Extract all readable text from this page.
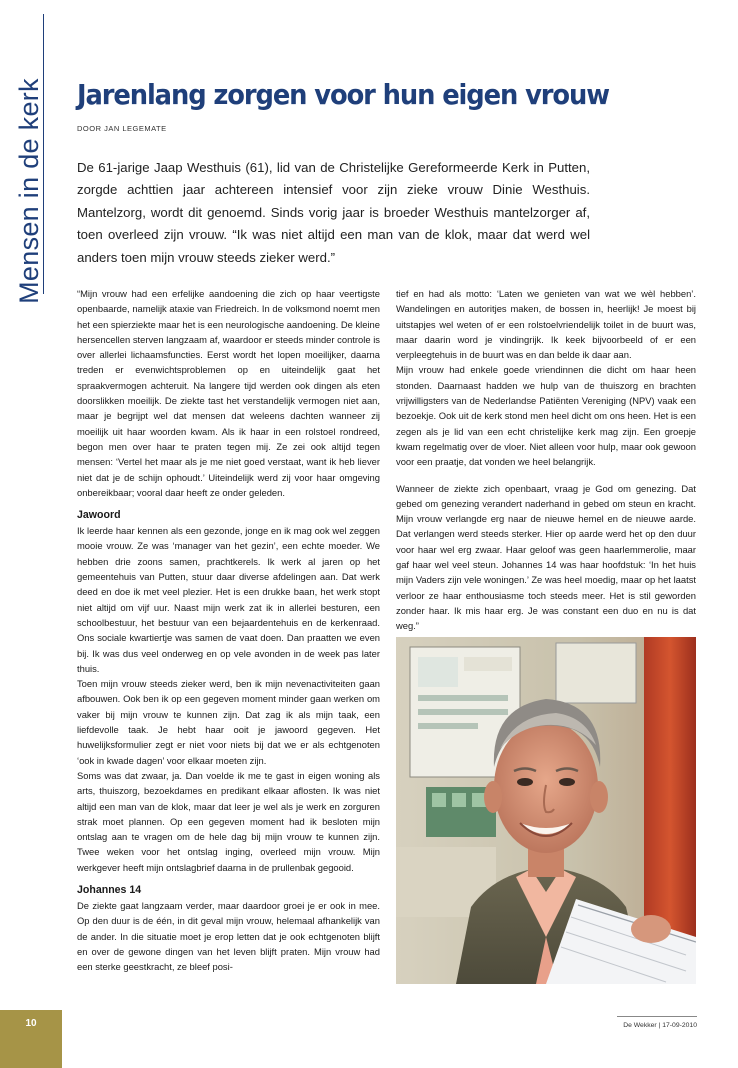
Mensen in de kerk Jarenlang zorgen voor hun eigen vrouw
DOOR JAN LEGEMATE

De 61-jarige Jaap Westhuis (61), lid van de Christelijke Gereformeerde Kerk in Putten, zorgde achttien jaar achtereen intensief voor zijn zieke vrouw Dinie Westhuis. Mantelzorg, wordt dit genoemd. Sinds vorig jaar is broeder Westhuis mantelzorger af, toen overleed zijn vrouw. “Ik was niet altijd een man van de klok, maar dat werd wel anders toen mijn vrouw steeds zieker werd.”

“Mijn vrouw had een erfelijke aandoening die zich op haar veertigste openbaarde, namelijk ataxie van Friedreich. In de volksmond noemt men het een spierziekte maar het is een neurologische aandoening. De kleine hersencellen sterven langzaam af, waardoor er steeds minder controle is over allerlei lichaamsfuncties. Eerst wordt het lopen moeilijker, daarna treden er evenwichtsproblemen op en uiteindelijk gaat het spraakvermogen achteruit. Na langere tijd werden ook dingen als eten doorslikken moeilijk. De ziekte tast het verstandelijk vermogen niet aan, maar je begrijpt wel dat mensen dat weleens dachten wanneer zij moeilijk uit haar woorden kwam. Als ik haar in een rolstoel rondreed, begon men over haar te praten tegen mij. Ze zei ook altijd tegen mensen: ‘Vertel het maar als je me niet goed verstaat, want ik heb liever niet dat je de schijn ophoudt.’ Uiteindelijk werd zij voor haar omgeving onbereikbaar; vooral daar heeft ze onder geleden.

Jawoord

Ik leerde haar kennen als een gezonde, jonge en ik mag ook wel zeggen mooie vrouw. Ze was ‘manager van het gezin’, een echte moeder. We hebben drie zoons samen, prachtkerels. Ik werk al jaren op het gemeentehuis van Putten, stuur daar diverse afdelingen aan. Dat werk deed en doe ik met veel plezier. Het is een drukke baan, het werk stopt niet altijd om vijf uur. Naast mijn werk zat ik in allerlei besturen, een schoolbestuur, het bestuur van een bejaardentehuis en de kerkenraad. Ons sociale kwartiertje was samen de vaat doen. Dan praatten we even bij. Ik was dus veel onderweg en op vele avonden in de week pas later thuis.

Toen mijn vrouw steeds zieker werd, ben ik mijn nevenactiviteiten gaan afbouwen. Ook ben ik op een gegeven moment minder gaan werken om vaker bij mijn vrouw te kunnen zijn. Dat zag ik als mijn taak, een liefdevolle taak. Je hebt haar ooit je jawoord gegeven. Het huwelijksformulier zegt er niet voor niets bij dat we er als echtgenoten ‘ook in kwade dagen’ voor elkaar moeten zijn.

Soms was dat zwaar, ja. Dan voelde ik me te gast in eigen woning als arts, thuiszorg, bezoekdames en predikant elkaar aflosten. Ik was niet altijd een man van de klok, maar dat leer je wel als je werk en zorguren strak moet plannen. Op een gegeven moment had ik besloten mijn ontslag aan te vragen om de hele dag bij mijn vrouw te kunnen zijn. Twee weken voor het ontslag inging, overleed mijn vrouw. Mijn werkgever heeft mijn ontslagbrief daarna in de prullenbak gegooid.

Johannes 14

De ziekte gaat langzaam verder, maar daardoor groei je er ook in mee. Op den duur is de één, in dit geval mijn vrouw, helemaal afhankelijk van de ander. In die situatie moet je erop letten dat je ook echtgenoten blijft en over de gewone dingen van het leven blijft praten. Mijn vrouw had een sterke geestkracht, ze bleef posi-

tief en had als motto: ‘Laten we genieten van wat we wèl hebben’. Wandelingen en autoritjes maken, de bossen in, heerlijk! Je moest bij uitstapjes wel weten of er een rolstoelvriendelijk toilet in de buurt was, maar daarin word je vindingrijk. Ik keek bijvoorbeeld of er een verpleegtehuis in de buurt was en dan belde ik daar aan.

Mijn vrouw had enkele goede vriendinnen die dicht om haar heen stonden. Daarnaast hadden we hulp van de thuiszorg en brachten vrijwilligsters van de Nederlandse Patiënten Vereniging (NPV) vaak een bezoekje. Ook uit de kerk stond men heel dicht om ons heen. Het is een zegen als je lid van een echt christelijke kerk mag zijn. Een groepje kwam regelmatig over de vloer. Niet alleen voor hulp, maar ook gewoon voor een praatje, dat vonden we heel belangrijk.

Wanneer de ziekte zich openbaart, vraag je God om genezing. Dat gebed om genezing verandert naderhand in gebed om steun en kracht. Mijn vrouw verlangde erg naar de nieuwe hemel en de nieuwe aarde. Dat verlangen werd steeds sterker. Hier op aarde werd het op den duur voor haar wel erg zwaar. Haar geloof was geen haarlemmerolie, maar gaf haar wel veel steun. Johannes 14 was haar hoofdstuk: ‘In het huis mijn Vaders zijn vele woningen.’ Ze was heel moedig, maar op het laatst verloor ze haar enthousiasme toch steeds meer. Het is stil geworden zonder haar. Ik mis haar erg. Je was constant een duo en nu is dat weg.”

10	De Wekker | 17-09-2010
